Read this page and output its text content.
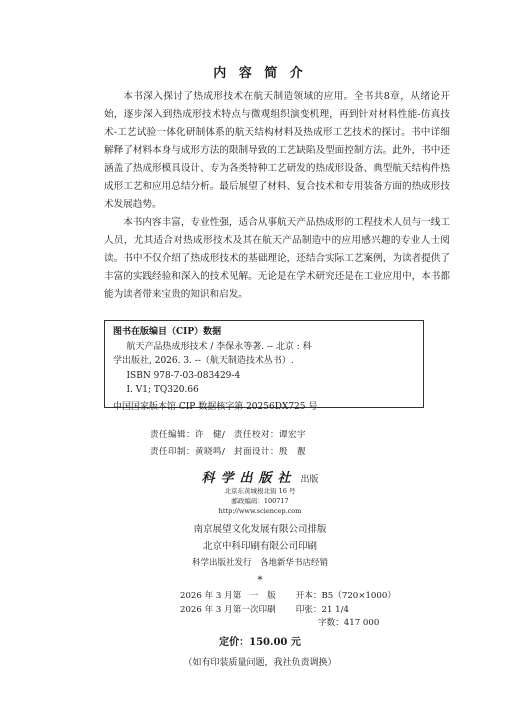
内 容 简 介

本书深入探讨了热成形技术在航天制造领域的应用。全书共8章，从绪论开始，逐步深入到热成形技术特点与微观组织演变机理，再到针对材料性能-仿真技术-工艺试验一体化研制体系的航天结构材料及热成形工艺技术的探讨。书中详细解释了材料本身与成形方法的限制导致的工艺缺陷及型面控制方法。此外，书中还涵盖了热成形模具设计、专为各类特种工艺研发的热成形设备、典型航天结构件热成形工艺和应用总结分析。最后展望了材料、复合技术和专用装备方面的热成形技术发展趋势。

本书内容丰富，专业性强，适合从事航天产品热成形的工程技术人员与一线工人员，尤其适合对热成形技术及其在航天产品制造中的应用感兴趣的专业人士阅读。书中不仅介绍了热成形技术的基础理论，还结合实际工艺案例，为读者提供了丰富的实践经验和深入的技术见解。无论是在学术研究还是在工业应用中，本书都能为读者带来宝贵的知识和启发。

图书在版编目（CIP）数据
航天产品热成形技术 / 李保永等著. -- 北京 : 科
学出版社, 2026. 3. --（航天制造技术丛书）.
ISBN 978-7-03-083429-4
Ⅰ. V1; TQ320.66
中国国家版本馆 CIP 数据核字第 20256DX725 号
责任编辑：许　健/责任校对：谭宏宇
责任印制：黄晓鸣/封面设计：殷　靓
科学出版社 出版
北京东黄城根北街 16 号
邮政编码：100717
http://www.sciencep.com
南京展望文化发展有限公司排版
北京中科印刷有限公司印刷
科学出版社发行　各地新华书店经销
*
2026 年 3 月第　一　版 开本：B5（720×1000）
2026 年 3 月第一次印刷 印张：21 1/4
字数：417 000
定价：150.00 元
（如有印装质量问题，我社负责调换）
